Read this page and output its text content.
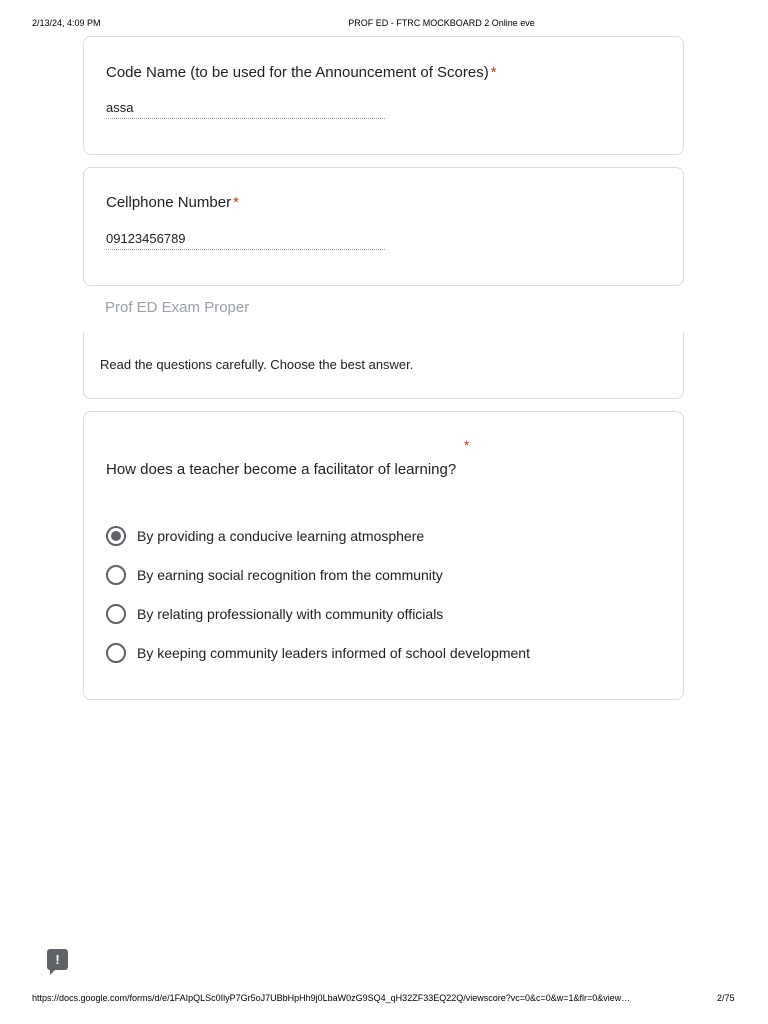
2/13/24, 4:09 PM	PROF ED - FTRC MOCKBOARD 2 Online eve
Code Name (to be used for the Announcement of Scores) *
assa
Cellphone Number *
09123456789
Prof ED Exam Proper
Read the questions carefully. Choose the best answer.
*
How does a teacher become a facilitator of learning?
By providing a conducive learning atmosphere
By earning social recognition from the community
By relating professionally with community officials
By keeping community leaders informed of school development
!
https://docs.google.com/forms/d/e/1FAIpQLSc0IlyP7Gr5oJ7UBbHpHh9j0LbaW0zG9SQ4_qH32ZF33EQ22Q/viewscore?vc=0&c=0&w=1&flr=0&view…	2/75
